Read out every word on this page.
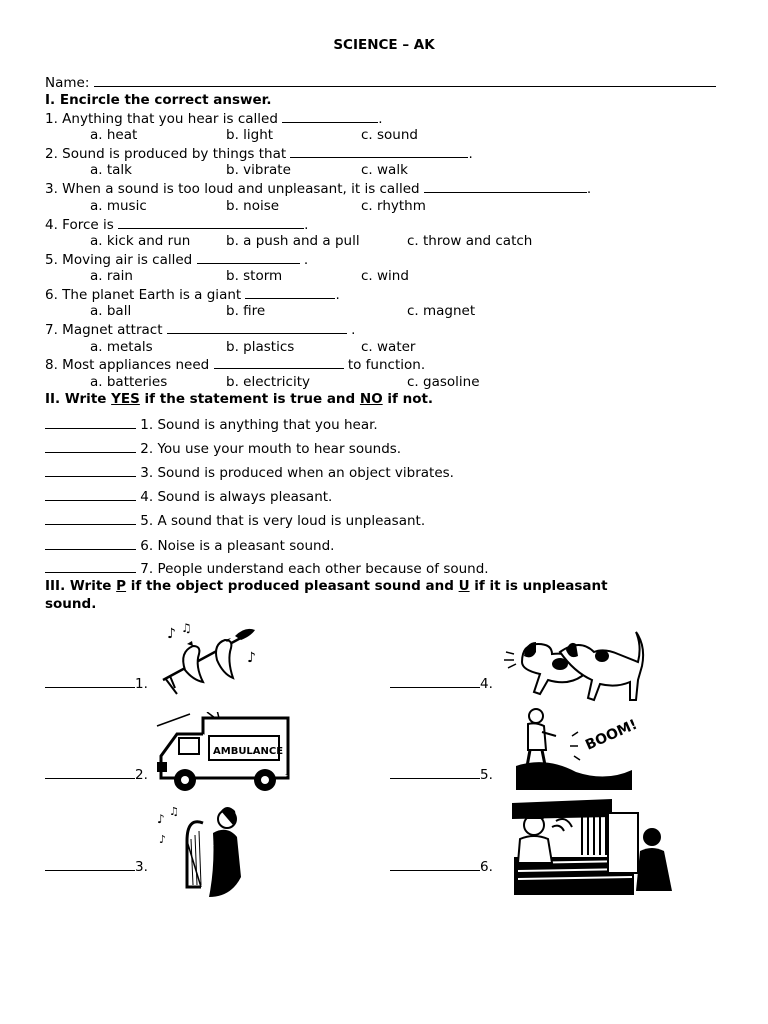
SCIENCE – AK
Name:
I. Encircle the correct answer.
1. Anything that you hear is called	.
a. heat	b. light	c. sound
2. Sound is produced by things that	.
a. talk	b. vibrate	c. walk
3. When a sound is too loud and unpleasant, it is called	.
a. music	b. noise	c. rhythm
4. Force is	.
a. kick and run	b. a push and a pull	c. throw and catch
5. Moving air is called	.
a. rain	b. storm	c. wind
6. The planet Earth is a giant	.
a. ball	b. fire	c. magnet
7. Magnet attract	.
a. metals	b. plastics	c. water
8. Most appliances need	to function.
a. batteries	b. electricity	c. gasoline
II. Write YES if the statement is true and NO if not.
1. Sound is anything that you hear.
2. You use your mouth to hear sounds.
3. Sound is produced when an object vibrates.
4. Sound is always pleasant.
5. A sound that is very loud is unpleasant.
6. Noise is a pleasant sound.
7. People understand each other because of sound.
III. Write P if the object produced pleasant sound and U if it is unpleasant
sound.
1.
2.
3.
4.
5.
6.
♪ ♫
♪
AMBULANCE
♪
♫
♪
BOOM!
